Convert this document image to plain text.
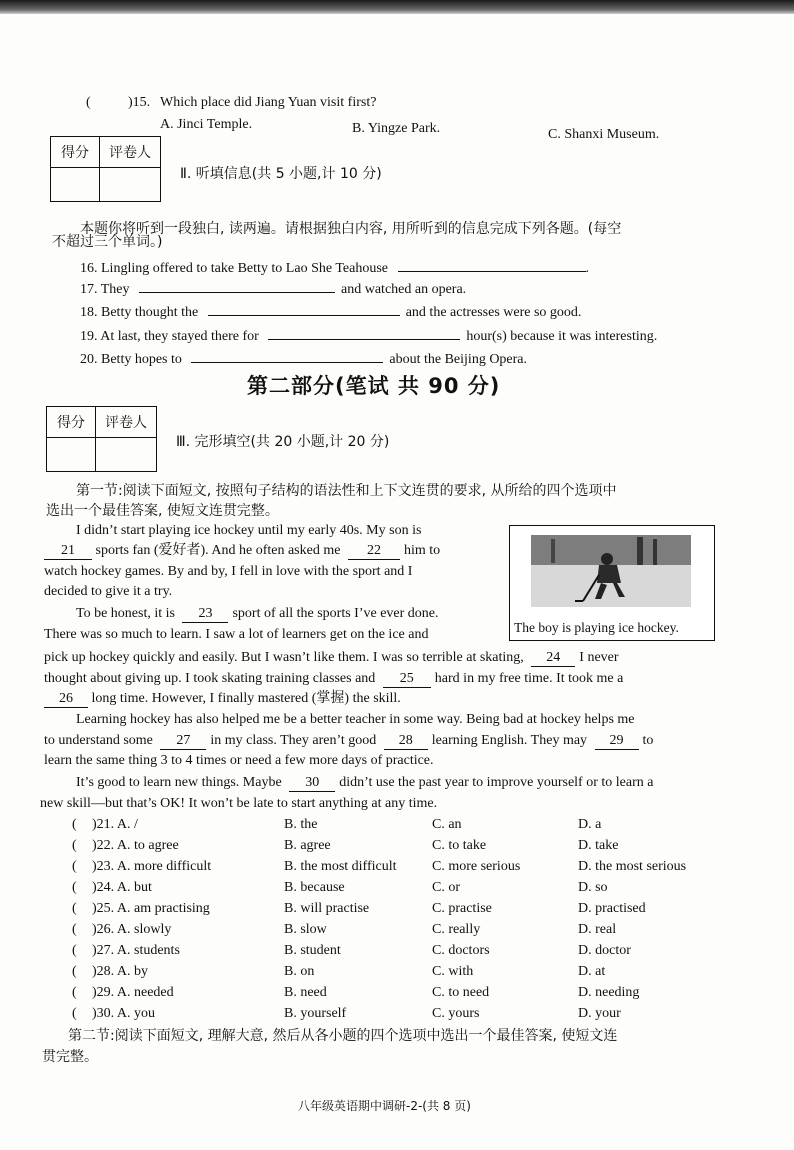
(	)15. Which place did Jiang Yuan visit first?
A. Jinci Temple.	B. Yingze Park.	C. Shanxi Museum.
得分	评卷人

Ⅱ. 听填信息(共 5 小题,计 10 分)
本题你将听到一段独白, 读两遍。请根据独白内容, 用所听到的信息完成下列各题。(每空
不超过三个单词。)
16. Lingling offered to take Betty to Lao She Teahouse	.
17. They	and watched an opera.
18. Betty thought the	and the actresses were so good.
19. At last, they stayed there for	hour(s) because it was interesting.
20. Betty hopes to	about the Beijing Opera.
第二部分(笔试 共 90 分)
得分	评卷人

Ⅲ. 完形填空(共 20 小题,计 20 分)
第一节:阅读下面短文, 按照句子结构的语法性和上下文连贯的要求, 从所给的四个选项中
选出一个最佳答案, 使短文连贯完整。
I didn’t start playing ice hockey until my early 40s. My son is
21 sports fan (爱好者). And he often asked me 22 him to
watch hockey games. By and by, I fell in love with the sport and I
decided to give it a try.
To be honest, it is 23 sport of all the sports I’ve ever done.
There was so much to learn. I saw a lot of learners get on the ice and
pick up hockey quickly and easily. But I wasn’t like them. I was so terrible at skating, 24 I never
thought about giving up. I took skating training classes and 25 hard in my free time. It took me a
26 long time. However, I finally mastered (掌握) the skill.
Learning hockey has also helped me be a better teacher in some way. Being bad at hockey helps me
to understand some 27 in my class. They aren’t good 28 learning English. They may 29 to
learn the same thing 3 to 4 times or need a few more days of practice.
It’s good to learn new things. Maybe 30 didn’t use the past year to improve yourself or to learn a
new skill—but that’s OK! It won’t be late to start anything at any time.
The boy is playing ice hockey.
( )21. A. /	B. the	C. an	D. a
( )22. A. to agree	B. agree	C. to take	D. take
( )23. A. more difficult	B. the most difficult	C. more serious	D. the most serious
( )24. A. but	B. because	C. or	D. so
( )25. A. am practising	B. will practise	C. practise	D. practised
( )26. A. slowly	B. slow	C. really	D. real
( )27. A. students	B. student	C. doctors	D. doctor
( )28. A. by	B. on	C. with	D. at
( )29. A. needed	B. need	C. to need	D. needing
( )30. A. you	B. yourself	C. yours	D. your
第二节:阅读下面短文, 理解大意, 然后从各小题的四个选项中选出一个最佳答案, 使短文连
贯完整。
八年级英语期中调研-2-(共 8 页)
